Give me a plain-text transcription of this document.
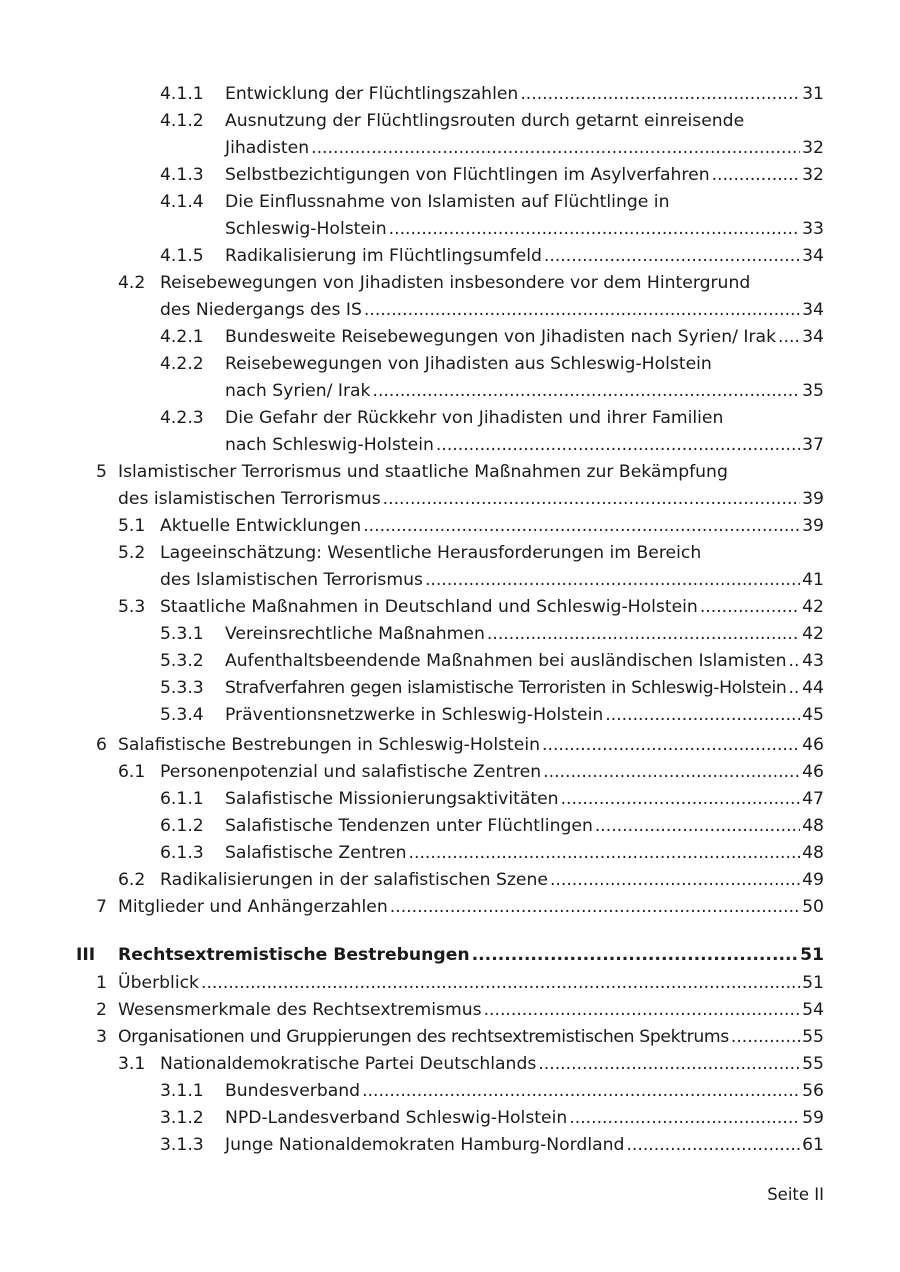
4.1.1 Entwicklung der Flüchtlingszahlen .....	31
4.1.2 Ausnutzung der Flüchtlingsrouten durch getarnt einreisende
Jihadisten .....	32
4.1.3 Selbstbezichtigungen von Flüchtlingen im Asylverfahren .....	32
4.1.4 Die Einflussnahme von Islamisten auf Flüchtlinge in
Schleswig-Holstein .....	33
4.1.5 Radikalisierung im Flüchtlingsumfeld .....	34
4.2 Reisebewegungen von Jihadisten insbesondere vor dem Hintergrund
des Niedergangs des IS .....	34
4.2.1 Bundesweite Reisebewegungen von Jihadisten nach Syrien/ Irak ..... 34
4.2.2 Reisebewegungen von Jihadisten aus Schleswig-Holstein
nach Syrien/ Irak .....	35
4.2.3 Die Gefahr der Rückkehr von Jihadisten und ihrer Familien
nach Schleswig-Holstein .....	37
5 Islamistischer Terrorismus und staatliche Maßnahmen zur Bekämpfung
des islamistischen Terrorismus .....	39
5.1 Aktuelle Entwicklungen .....	39
5.2 Lageeinschätzung: Wesentliche Herausforderungen im Bereich
des Islamistischen Terrorismus .....	41
5.3 Staatliche Maßnahmen in Deutschland und Schleswig-Holstein .....	42
5.3.1 Vereinsrechtliche Maßnahmen .....	42
5.3.2 Aufenthaltsbeendende Maßnahmen bei ausländischen Islamisten ..... 43
5.3.3 Strafverfahren gegen islamistische Terroristen in Schleswig-Holstein ..... 44
5.3.4 Präventionsnetzwerke in Schleswig-Holstein .....	45
6 Salafistische Bestrebungen in Schleswig-Holstein .....	46
6.1 Personenpotenzial und salafistische Zentren .....	46
6.1.1 Salafistische Missionierungsaktivitäten .....	47
6.1.2 Salafistische Tendenzen unter Flüchtlingen .....	48
6.1.3 Salafistische Zentren .....	48
6.2 Radikalisierungen in der salafistischen Szene .....	49
7 Mitglieder und Anhängerzahlen .....	50
III Rechtsextremistische Bestrebungen .....	51
1 Überblick .....	51
2 Wesensmerkmale des Rechtsextremismus .....	54
3 Organisationen und Gruppierungen des rechtsextremistischen Spektrums .....	55
3.1 Nationaldemokratische Partei Deutschlands .....	55
3.1.1 Bundesverband .....	56
3.1.2 NPD-Landesverband Schleswig-Holstein .....	59
3.1.3 Junge Nationaldemokraten Hamburg-Nordland .....	61
Seite II
